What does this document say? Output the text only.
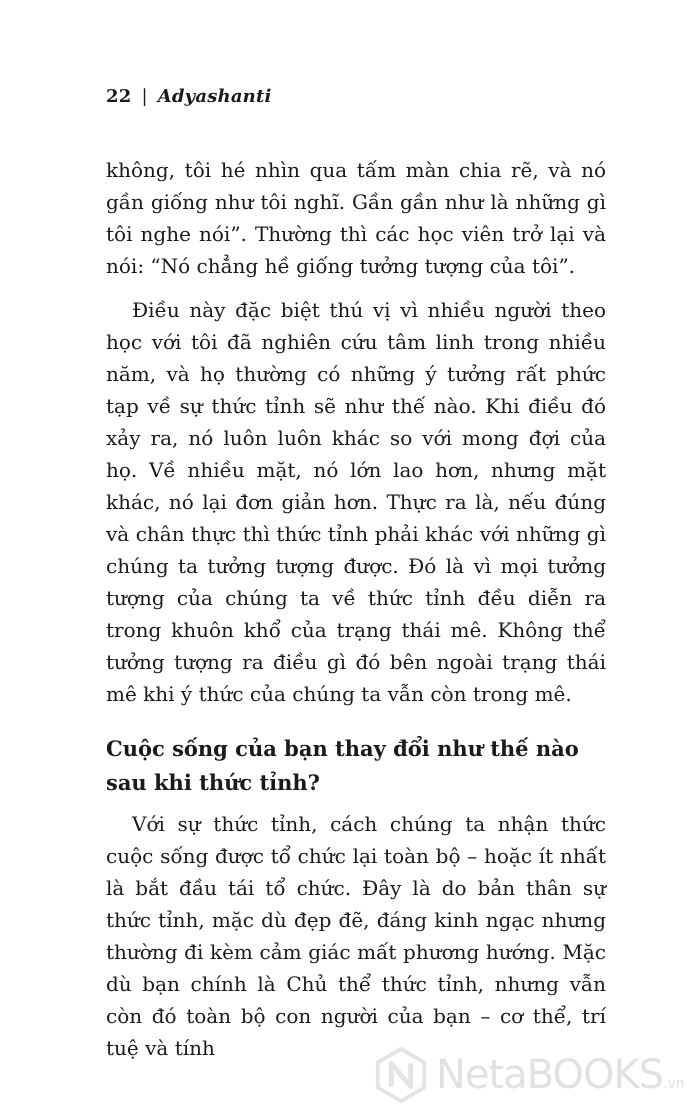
22 | Adyashanti

không, tôi hé nhìn qua tấm màn chia rẽ, và nó gần giống như tôi nghĩ. Gần gần như là những gì tôi nghe nói”. Thường thì các học viên trở lại và nói: “Nó chẳng hề giống tưởng tượng của tôi”.

Điều này đặc biệt thú vị vì nhiều người theo học với tôi đã nghiên cứu tâm linh trong nhiều năm, và họ thường có những ý tưởng rất phức tạp về sự thức tỉnh sẽ như thế nào. Khi điều đó xảy ra, nó luôn luôn khác so với mong đợi của họ. Về nhiều mặt, nó lớn lao hơn, nhưng mặt khác, nó lại đơn giản hơn. Thực ra là, nếu đúng và chân thực thì thức tỉnh phải khác với những gì chúng ta tưởng tượng được. Đó là vì mọi tưởng tượng của chúng ta về thức tỉnh đều diễn ra trong khuôn khổ của trạng thái mê. Không thể tưởng tượng ra điều gì đó bên ngoài trạng thái mê khi ý thức của chúng ta vẫn còn trong mê.

Cuộc sống của bạn thay đổi như thế nào sau khi thức tỉnh?

Với sự thức tỉnh, cách chúng ta nhận thức cuộc sống được tổ chức lại toàn bộ – hoặc ít nhất là bắt đầu tái tổ chức. Đây là do bản thân sự thức tỉnh, mặc dù đẹp đẽ, đáng kinh ngạc nhưng thường đi kèm cảm giác mất phương hướng. Mặc dù bạn chính là Chủ thể thức tỉnh, nhưng vẫn còn đó toàn bộ con người của bạn – cơ thể, trí tuệ và tính

NetaBOOKS.vn
